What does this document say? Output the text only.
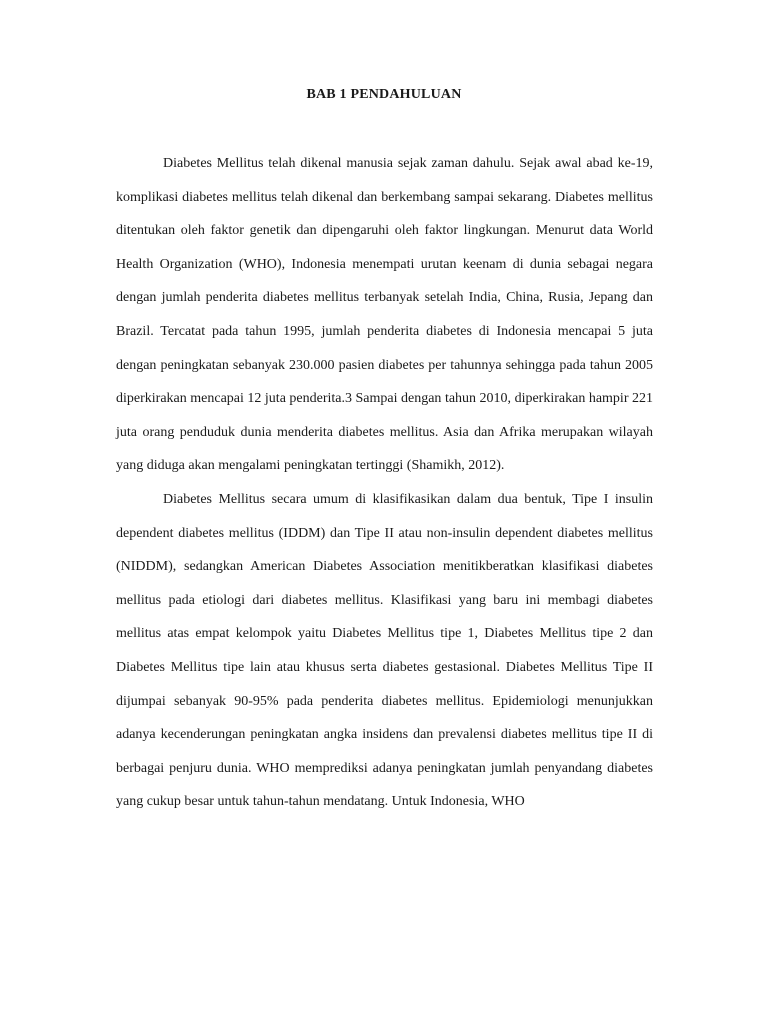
BAB 1 PENDAHULUAN

Diabetes Mellitus telah dikenal manusia sejak zaman dahulu. Sejak awal abad ke-19, komplikasi diabetes mellitus telah dikenal dan berkembang sampai sekarang. Diabetes mellitus ditentukan oleh faktor genetik dan dipengaruhi oleh faktor lingkungan. Menurut data World Health Organization (WHO), Indonesia menempati urutan keenam di dunia sebagai negara dengan jumlah penderita diabetes mellitus terbanyak setelah India, China, Rusia, Jepang dan Brazil. Tercatat pada tahun 1995, jumlah penderita diabetes di Indonesia mencapai 5 juta dengan peningkatan sebanyak 230.000 pasien diabetes per tahunnya sehingga pada tahun 2005 diperkirakan mencapai 12 juta penderita.3 Sampai dengan tahun 2010, diperkirakan hampir 221 juta orang penduduk dunia menderita diabetes mellitus. Asia dan Afrika merupakan wilayah yang diduga akan mengalami peningkatan tertinggi (Shamikh, 2012).

Diabetes Mellitus secara umum di klasifikasikan dalam dua bentuk, Tipe I insulin dependent diabetes mellitus (IDDM) dan Tipe II atau non-insulin dependent diabetes mellitus (NIDDM), sedangkan American Diabetes Association menitikberatkan klasifikasi diabetes mellitus pada etiologi dari diabetes mellitus. Klasifikasi yang baru ini membagi diabetes mellitus atas empat kelompok yaitu Diabetes Mellitus tipe 1, Diabetes Mellitus tipe 2 dan Diabetes Mellitus tipe lain atau khusus serta diabetes gestasional. Diabetes Mellitus Tipe II dijumpai sebanyak 90-95% pada penderita diabetes mellitus. Epidemiologi menunjukkan adanya kecenderungan peningkatan angka insidens dan prevalensi diabetes mellitus tipe II di berbagai penjuru dunia. WHO memprediksi adanya peningkatan jumlah penyandang diabetes yang cukup besar untuk tahun-tahun mendatang. Untuk Indonesia, WHO
